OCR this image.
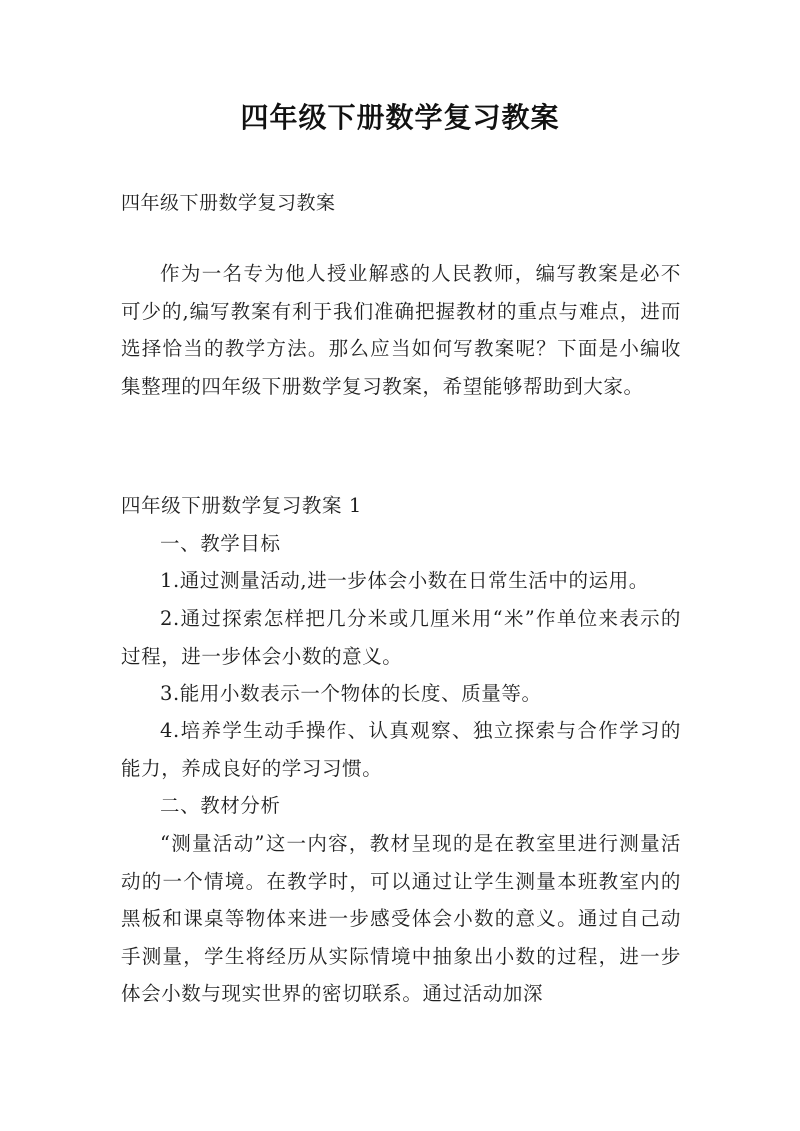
四年级下册数学复习教案

四年级下册数学复习教案

作为一名专为他人授业解惑的人民教师，编写教案是必不可少的,编写教案有利于我们准确把握教材的重点与难点，进而选择恰当的教学方法。那么应当如何写教案呢？下面是小编收集整理的四年级下册数学复习教案，希望能够帮助到大家。

四年级下册数学复习教案 1

一、教学目标

1.通过测量活动,进一步体会小数在日常生活中的运用。

2.通过探索怎样把几分米或几厘米用“米”作单位来表示的过程，进一步体会小数的意义。

3.能用小数表示一个物体的长度、质量等。

4.培养学生动手操作、认真观察、独立探索与合作学习的能力，养成良好的学习习惯。

二、教材分析

“测量活动”这一内容，教材呈现的是在教室里进行测量活动的一个情境。在教学时，可以通过让学生测量本班教室内的黑板和课桌等物体来进一步感受体会小数的意义。通过自己动手测量，学生将经历从实际情境中抽象出小数的过程，进一步体会小数与现实世界的密切联系。通过活动加深
